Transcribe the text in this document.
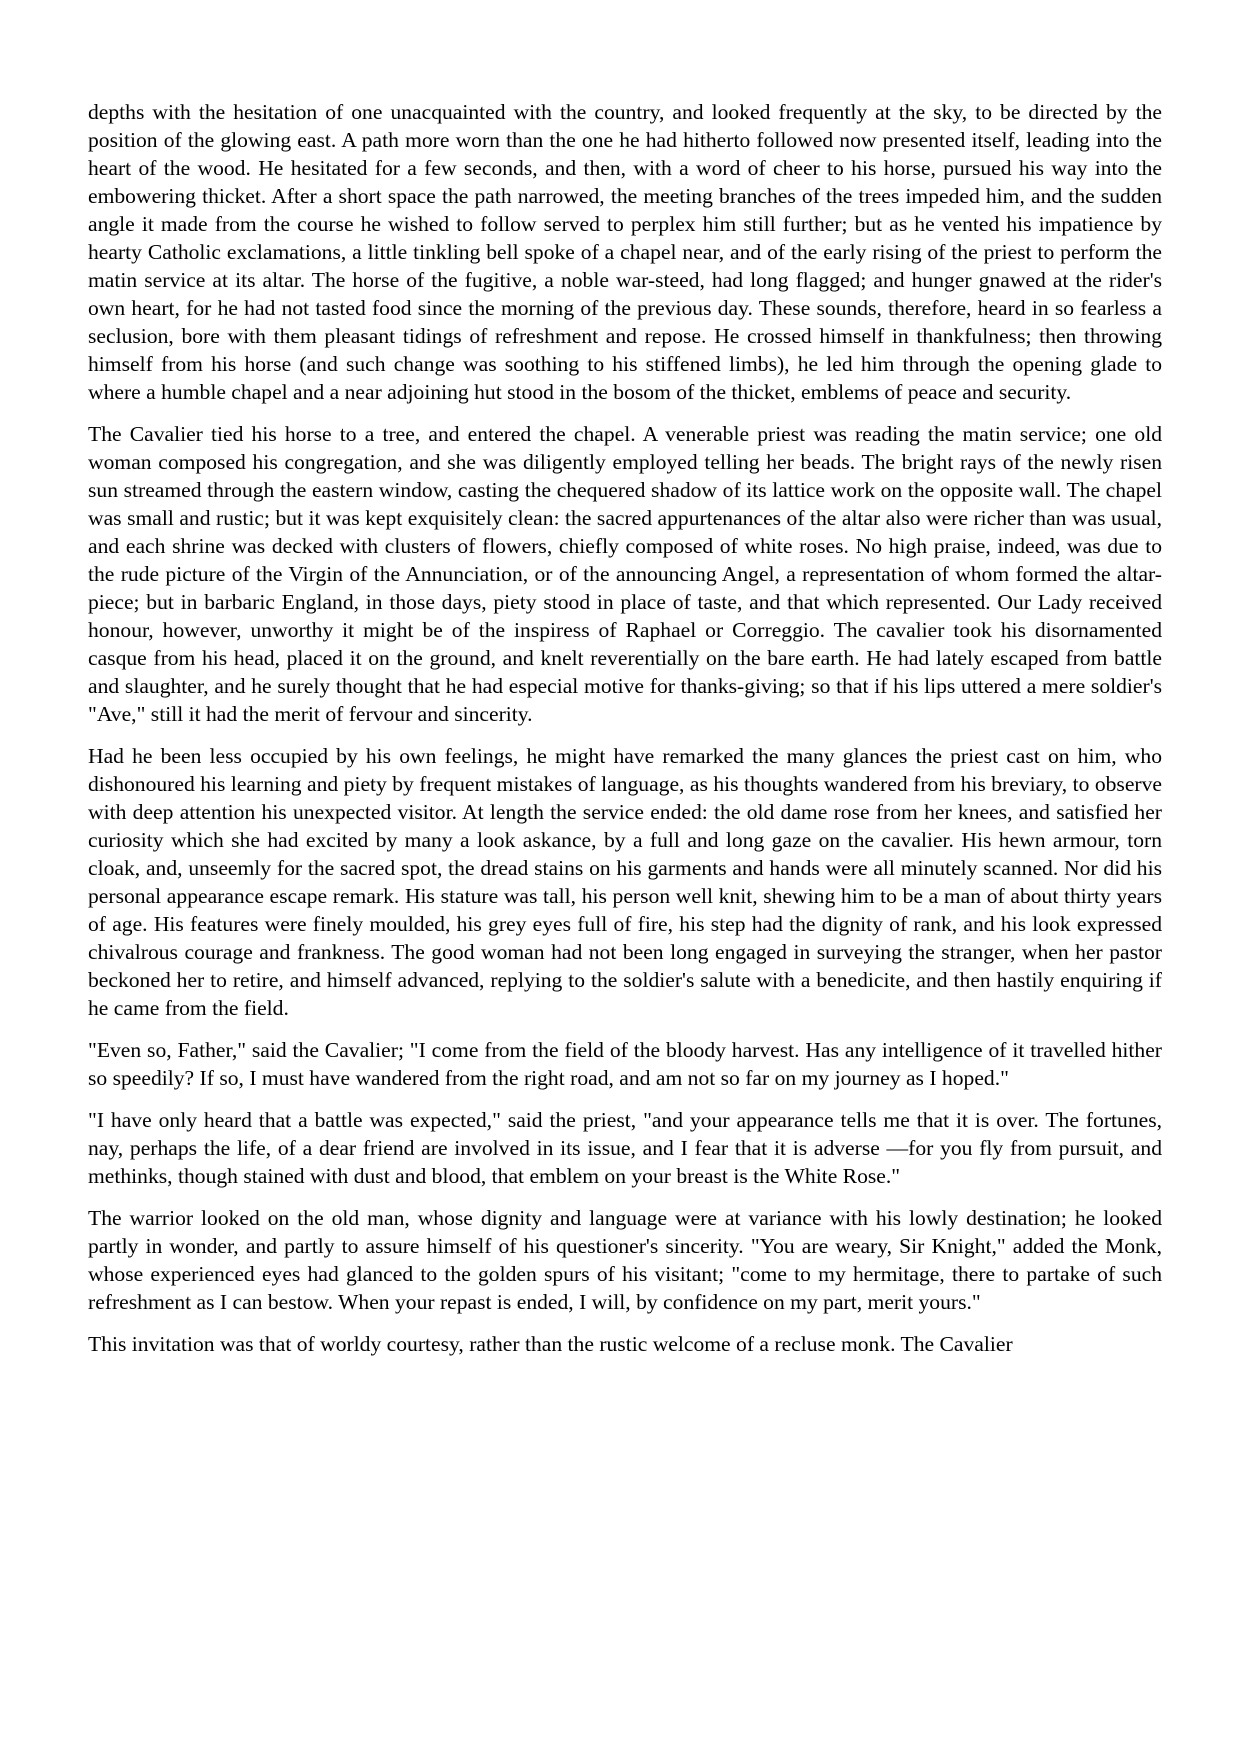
depths with the hesitation of one unacquainted with the country, and looked frequently at the sky, to be directed by the position of the glowing east. A path more worn than the one he had hitherto followed now presented itself, leading into the heart of the wood. He hesitated for a few seconds, and then, with a word of cheer to his horse, pursued his way into the embowering thicket. After a short space the path narrowed, the meeting branches of the trees impeded him, and the sudden angle it made from the course he wished to follow served to perplex him still further; but as he vented his impatience by hearty Catholic exclamations, a little tinkling bell spoke of a chapel near, and of the early rising of the priest to perform the matin service at its altar. The horse of the fugitive, a noble war-steed, had long flagged; and hunger gnawed at the rider's own heart, for he had not tasted food since the morning of the previous day. These sounds, therefore, heard in so fearless a seclusion, bore with them pleasant tidings of refreshment and repose. He crossed himself in thankfulness; then throwing himself from his horse (and such change was soothing to his stiffened limbs), he led him through the opening glade to where a humble chapel and a near adjoining hut stood in the bosom of the thicket, emblems of peace and security.

The Cavalier tied his horse to a tree, and entered the chapel. A venerable priest was reading the matin service; one old woman composed his congregation, and she was diligently employed telling her beads. The bright rays of the newly risen sun streamed through the eastern window, casting the chequered shadow of its lattice work on the opposite wall. The chapel was small and rustic; but it was kept exquisitely clean: the sacred appurtenances of the altar also were richer than was usual, and each shrine was decked with clusters of flowers, chiefly composed of white roses. No high praise, indeed, was due to the rude picture of the Virgin of the Annunciation, or of the announcing Angel, a representation of whom formed the altar-piece; but in barbaric England, in those days, piety stood in place of taste, and that which represented. Our Lady received honour, however, unworthy it might be of the inspiress of Raphael or Correggio. The cavalier took his disornamented casque from his head, placed it on the ground, and knelt reverentially on the bare earth. He had lately escaped from battle and slaughter, and he surely thought that he had especial motive for thanks-giving; so that if his lips uttered a mere soldier's "Ave," still it had the merit of fervour and sincerity.

Had he been less occupied by his own feelings, he might have remarked the many glances the priest cast on him, who dishonoured his learning and piety by frequent mistakes of language, as his thoughts wandered from his breviary, to observe with deep attention his unexpected visitor. At length the service ended: the old dame rose from her knees, and satisfied her curiosity which she had excited by many a look askance, by a full and long gaze on the cavalier. His hewn armour, torn cloak, and, unseemly for the sacred spot, the dread stains on his garments and hands were all minutely scanned. Nor did his personal appearance escape remark. His stature was tall, his person well knit, shewing him to be a man of about thirty years of age. His features were finely moulded, his grey eyes full of fire, his step had the dignity of rank, and his look expressed chivalrous courage and frankness. The good woman had not been long engaged in surveying the stranger, when her pastor beckoned her to retire, and himself advanced, replying to the soldier's salute with a benedicite, and then hastily enquiring if he came from the field.

"Even so, Father," said the Cavalier; "I come from the field of the bloody harvest. Has any intelligence of it travelled hither so speedily? If so, I must have wandered from the right road, and am not so far on my journey as I hoped."

"I have only heard that a battle was expected," said the priest, "and your appearance tells me that it is over. The fortunes, nay, perhaps the life, of a dear friend are involved in its issue, and I fear that it is adverse —for you fly from pursuit, and methinks, though stained with dust and blood, that emblem on your breast is the White Rose."

The warrior looked on the old man, whose dignity and language were at variance with his lowly destination; he looked partly in wonder, and partly to assure himself of his questioner's sincerity. "You are weary, Sir Knight," added the Monk, whose experienced eyes had glanced to the golden spurs of his visitant; "come to my hermitage, there to partake of such refreshment as I can bestow. When your repast is ended, I will, by confidence on my part, merit yours."

This invitation was that of worldy courtesy, rather than the rustic welcome of a recluse monk. The Cavalier
